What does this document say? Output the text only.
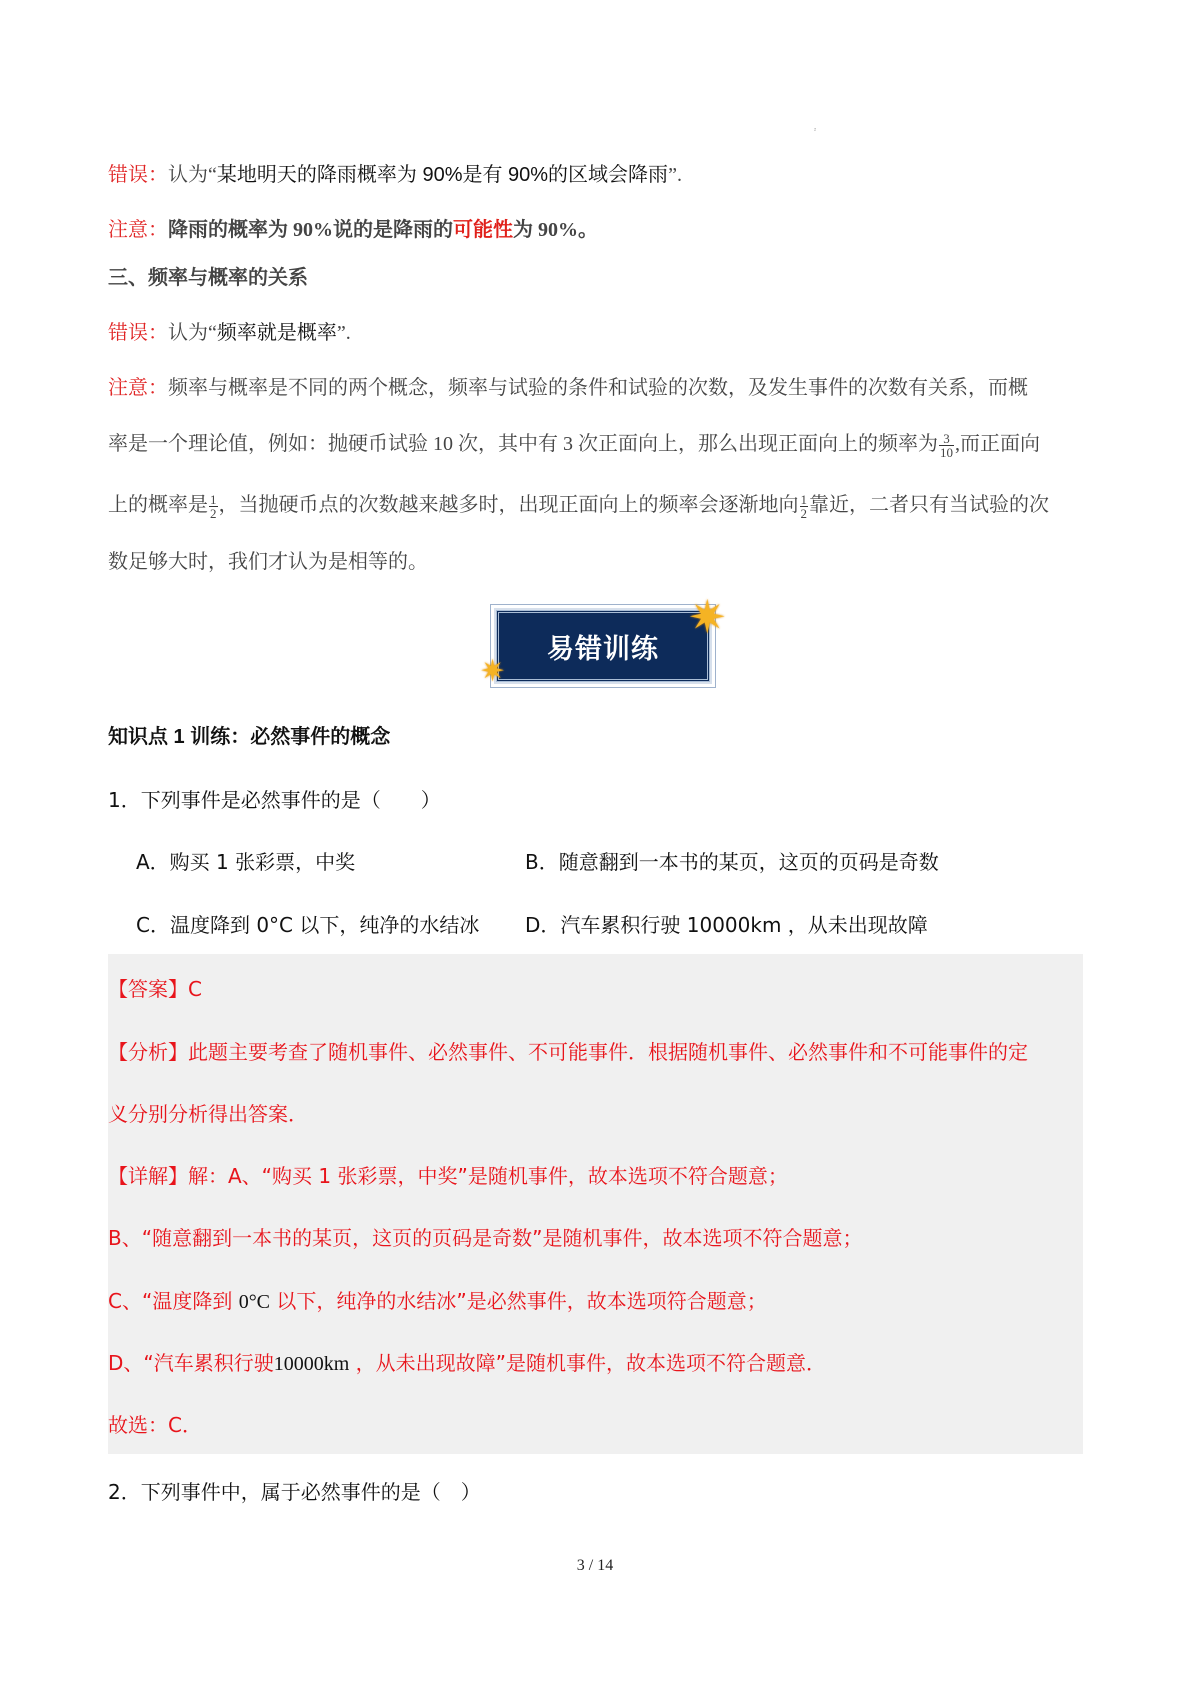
²
错误：认为“某地明天的降雨概率为 90%是有 90%的区域会降雨”.
注意：降雨的概率为 90%说的是降雨的可能性为 90%。
三、频率与概率的关系
错误：认为“频率就是概率”.
注意：频率与概率是不同的两个概念，频率与试验的条件和试验的次数，及发生事件的次数有关系，而概
率是一个理论值，例如：抛硬币试验 10 次，其中有 3 次正面向上，那么出现正面向上的频率为 $\frac{3}{10}$ ,而正面向
上的概率是 $\frac{1}{2}$ ，当抛硬币点的次数越来越多时，出现正面向上的频率会逐渐地向 $\frac{1}{2}$ 靠近，二者只有当试验的次
数足够大时，我们才认为是相等的。
易错训练
✷
✷
知识点 1 训练：必然事件的概念
1．下列事件是必然事件的是（　　）
A．购买 1 张彩票，中奖	B．随意翻到一本书的某页，这页的页码是奇数
C．温度降到 0°C 以下，纯净的水结冰 D．汽车累积行驶 10000km ，从未出现故障
【答案】C
【分析】此题主要考查了随机事件、必然事件、不可能事件．根据随机事件、必然事件和不可能事件的定
义分别分析得出答案．
【详解】解：A、“购买 1 张彩票，中奖”是随机事件，故本选项不符合题意；
B、“随意翻到一本书的某页，这页的页码是奇数”是随机事件，故本选项不符合题意；
C、“温度降到 0°C 以下，纯净的水结冰”是必然事件，故本选项符合题意；
D、“汽车累积行驶10000km ，从未出现故障”是随机事件，故本选项不符合题意．
故选：C．
2．下列事件中，属于必然事件的是（　）
3 / 14
